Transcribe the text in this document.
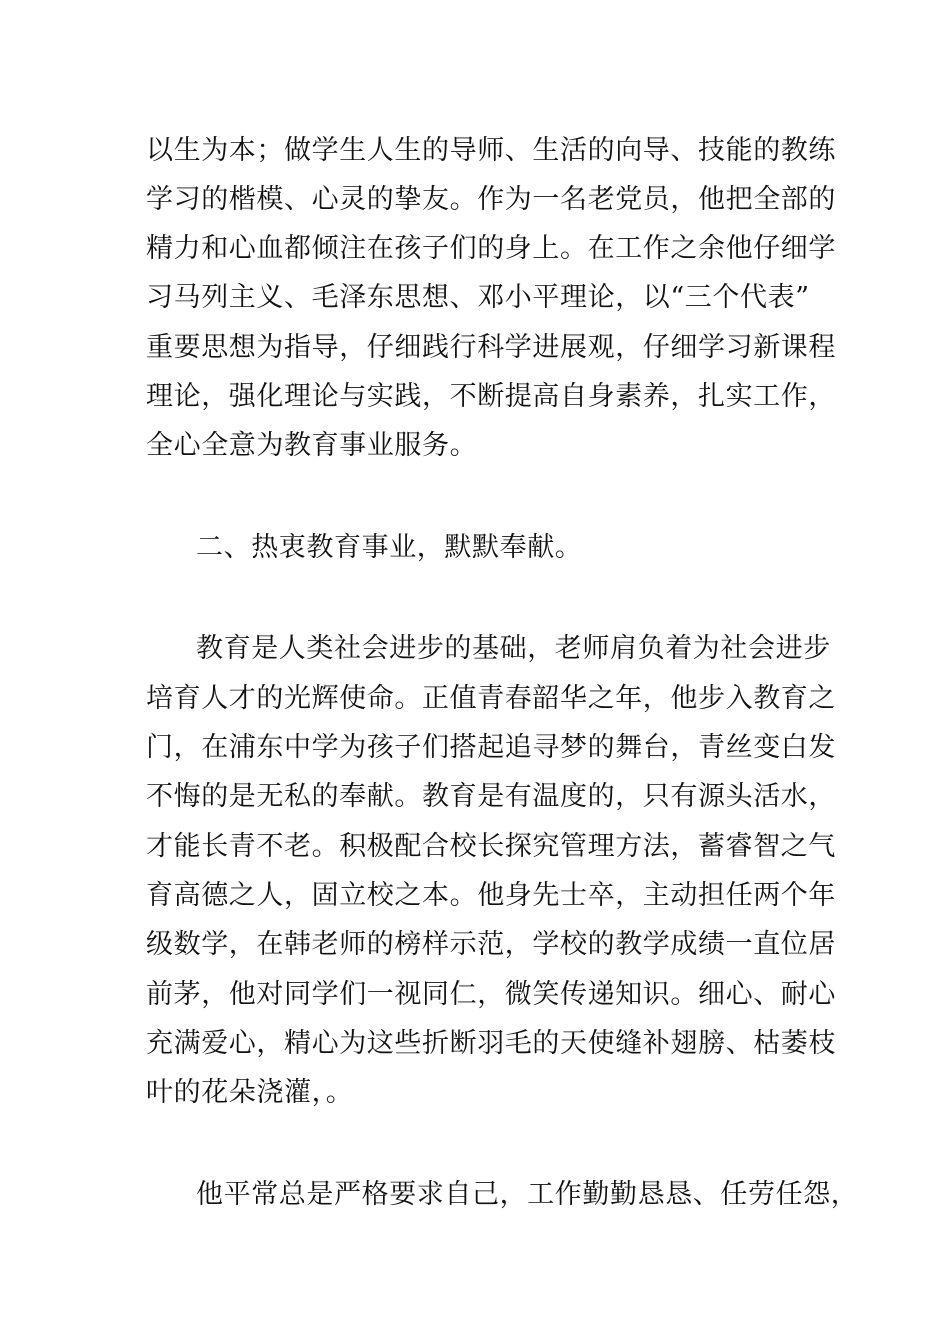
以生为本；做学生人生的导师、生活的向导、技能的教练
学习的楷模、心灵的挚友。作为一名老党员，他把全部的
精力和心血都倾注在孩子们的身上。在工作之余他仔细学
习马列主义、毛泽东思想、邓小平理论，以“三个代表”
重要思想为指导，仔细践行科学进展观，仔细学习新课程
理论，强化理论与实践，不断提高自身素养，扎实工作，
全心全意为教育事业服务。
二、热衷教育事业，默默奉献。
教育是人类社会进步的基础，老师肩负着为社会进步
培育人才的光辉使命。正值青春韶华之年，他步入教育之
门，在浦东中学为孩子们搭起追寻梦的舞台，青丝变白发
不悔的是无私的奉献。教育是有温度的，只有源头活水，
才能长青不老。积极配合校长探究管理方法，蓄睿智之气
育高德之人，固立校之本。他身先士卒，主动担任两个年
级数学，在韩老师的榜样示范，学校的教学成绩一直位居
前茅，他对同学们一视同仁，微笑传递知识。细心、耐心
充满爱心，精心为这些折断羽毛的天使缝补翅膀、枯萎枝
叶的花朵浇灌，。
他平常总是严格要求自己，工作勤勤恳恳、任劳任怨，
